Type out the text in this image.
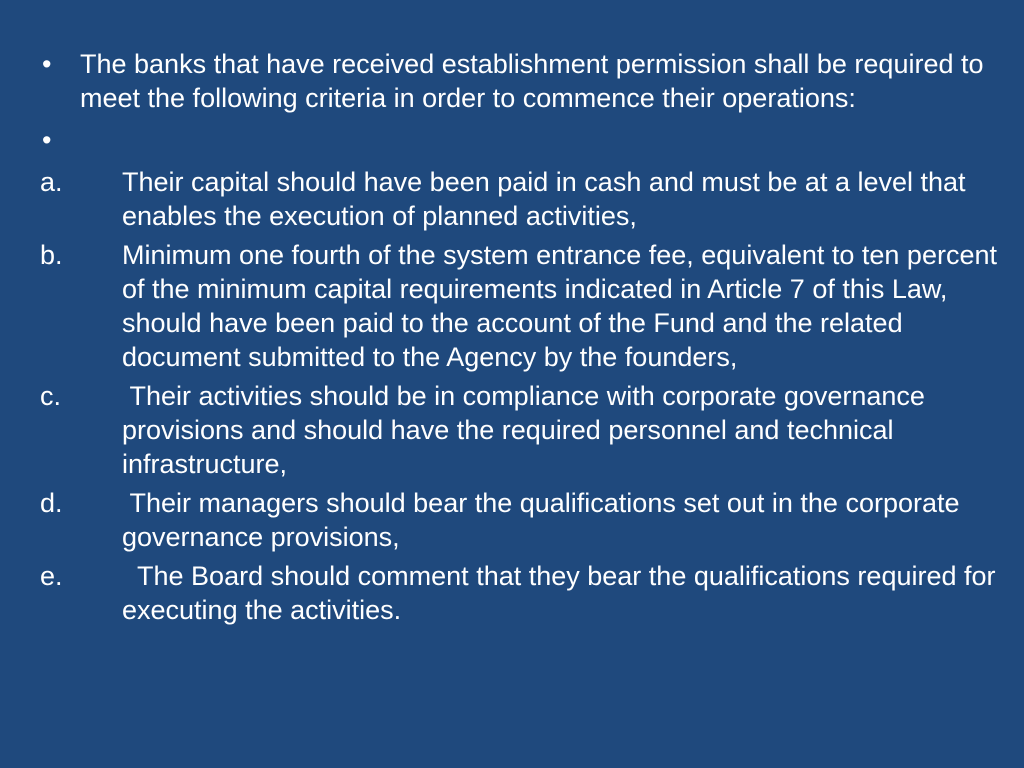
• The banks that have received establishment permission shall be required to meet the following criteria in order to commence their operations:
•
a. Their capital should have been paid in cash and must be at a level that enables the execution of planned activities,
b. Minimum one fourth of the system entrance fee, equivalent to ten percent of the minimum capital requirements indicated in Article 7 of this Law, should have been paid to the account of the Fund and the related document submitted to the Agency by the founders,
c. Their activities should be in compliance with corporate governance provisions and should have the required personnel and technical infrastructure,
d. Their managers should bear the qualifications set out in the corporate governance provisions,
e. The Board should comment that they bear the qualifications required for executing the activities.
